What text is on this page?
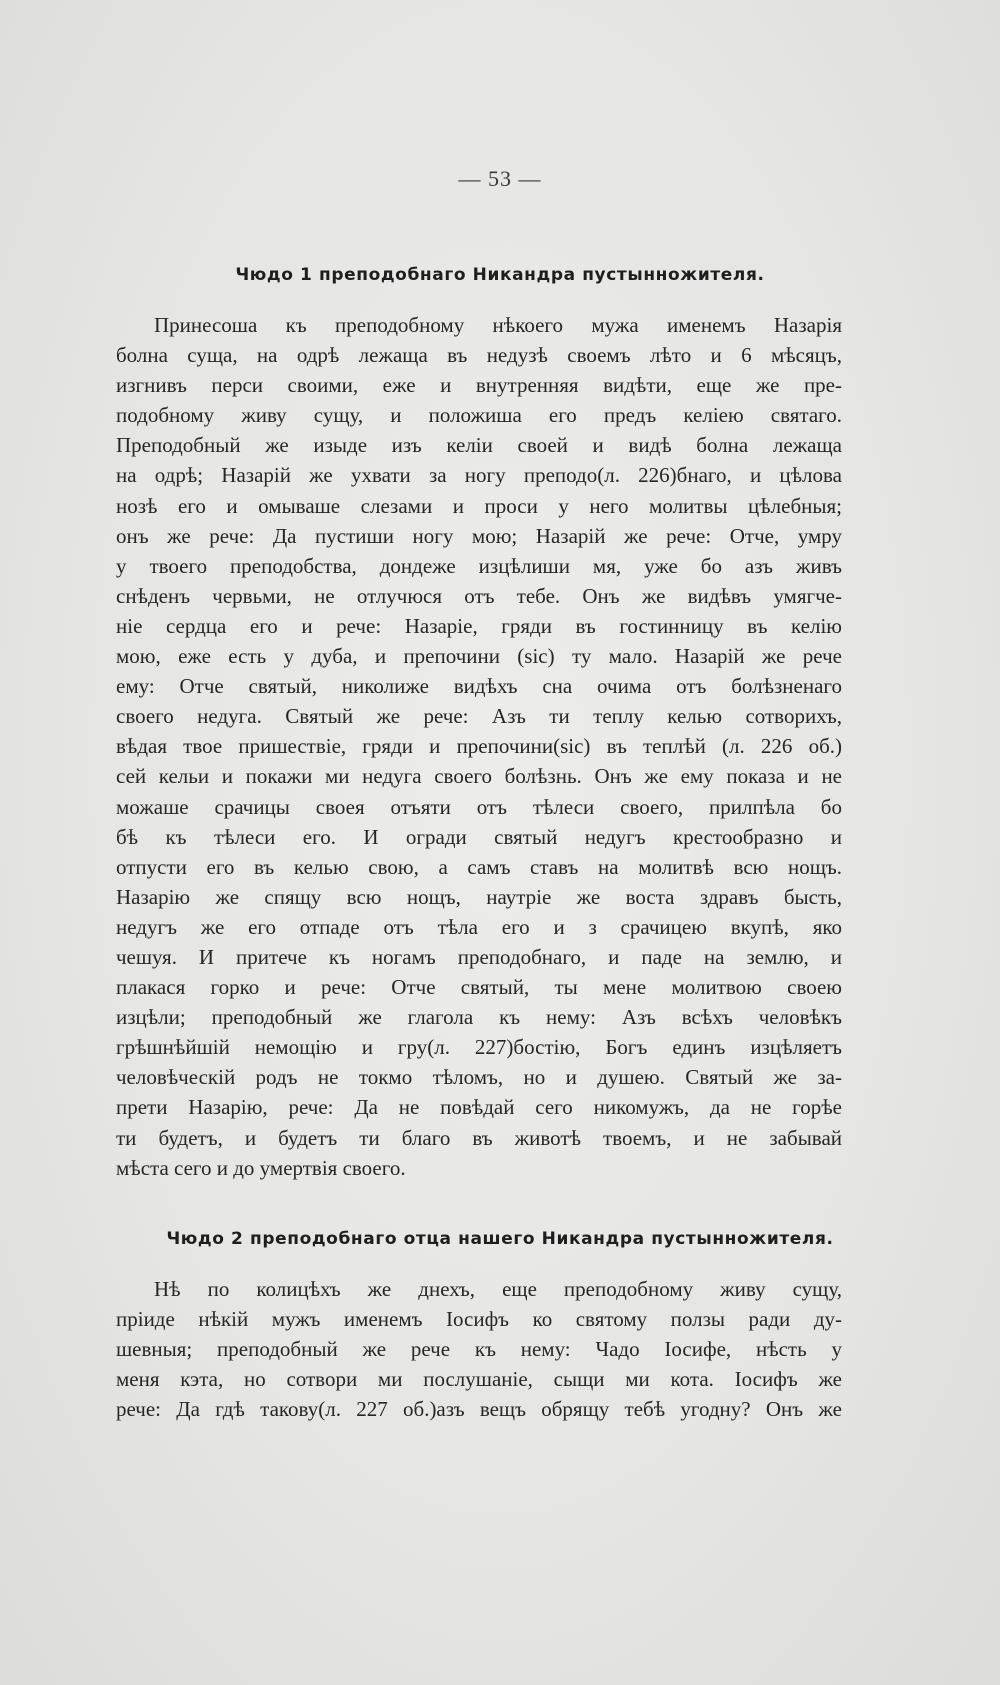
— 53 —
Чюдо 1 преподобнаго Никандра пустынножителя.
Принесоша къ преподобному нѣкоего мужа именемъ Назарія
болна суща, на одрѣ лежаща въ недузѣ своемъ лѣто и 6 мѣсяцъ,
изгнивъ перси своими, еже и внутренняя видѣти, еще же пре-
подобному живу сущу, и положиша его предъ келіею святаго.
Преподобный же изыде изъ келіи своей и видѣ болна лежаща
на одрѣ; Назарій же ухвати за ногу преподо(л. 226)бнаго, и цѣлова
нозѣ его и омываше слезами и проси у него молитвы цѣлебныя;
онъ же рече: Да пустиши ногу мою; Назарій же рече: Отче, умру
у твоего преподобства, дондеже изцѣлиши мя, уже бо азъ живъ
снѣденъ червьми, не отлучюся отъ тебе. Онъ же видѣвъ умягче-
ніе сердца его и рече: Назаріе, гряди въ гостинницу въ келію
мою, еже есть у дуба, и препочини (sic) ту мало. Назарій же рече
ему: Отче святый, николиже видѣхъ сна очима отъ болѣзненаго
своего недуга. Святый же рече: Азъ ти теплу келью сотворихъ,
вѣдая твое пришествіе, гряди и препочини(sic) въ теплѣй (л. 226 об.)
сей кельи и покажи ми недуга своего болѣзнь. Онъ же ему показа и не
можаше срачицы своея отъяти отъ тѣлеси своего, прилпѣла бо
бѣ къ тѣлеси его. И огради святый недугъ крестообразно и
отпусти его въ келью свою, а самъ ставъ на молитвѣ всю нощъ.
Назарію же спящу всю нощъ, наутріе же воста здравъ бысть,
недугъ же его отпаде отъ тѣла его и з срачицею вкупѣ, яко
чешуя. И притече къ ногамъ преподобнаго, и паде на землю, и
плакася горко и рече: Отче святый, ты мене молитвою своею
изцѣли; преподобный же глагола къ нему: Азъ всѣхъ человѣкъ
грѣшнѣйшій немощію и гру(л. 227)бостію, Богъ единъ изцѣляетъ
человѣческій родъ не токмо тѣломъ, но и душею. Святый же за-
прети Назарію, рече: Да не повѣдай сего никомужъ, да не горѣе
ти будетъ, и будетъ ти благо въ животѣ твоемъ, и не забывай
мѣста сего и до умертвія своего.
Чюдо 2 преподобнаго отца нашего Никандра пустынножителя.
Нѣ по колицѣхъ же днехъ, еще преподобному живу сущу,
пріиде нѣкій мужъ именемъ Іосифъ ко святому ползы ради ду-
шевныя; преподобный же рече къ нему: Чадо Іосифе, нѣсть у
меня кэта, но сотвори ми послушаніе, сыщи ми кота. Іосифъ же
рече: Да гдѣ такову(л. 227 об.)азъ вещъ обрящу тебѣ угодну? Онъ же
